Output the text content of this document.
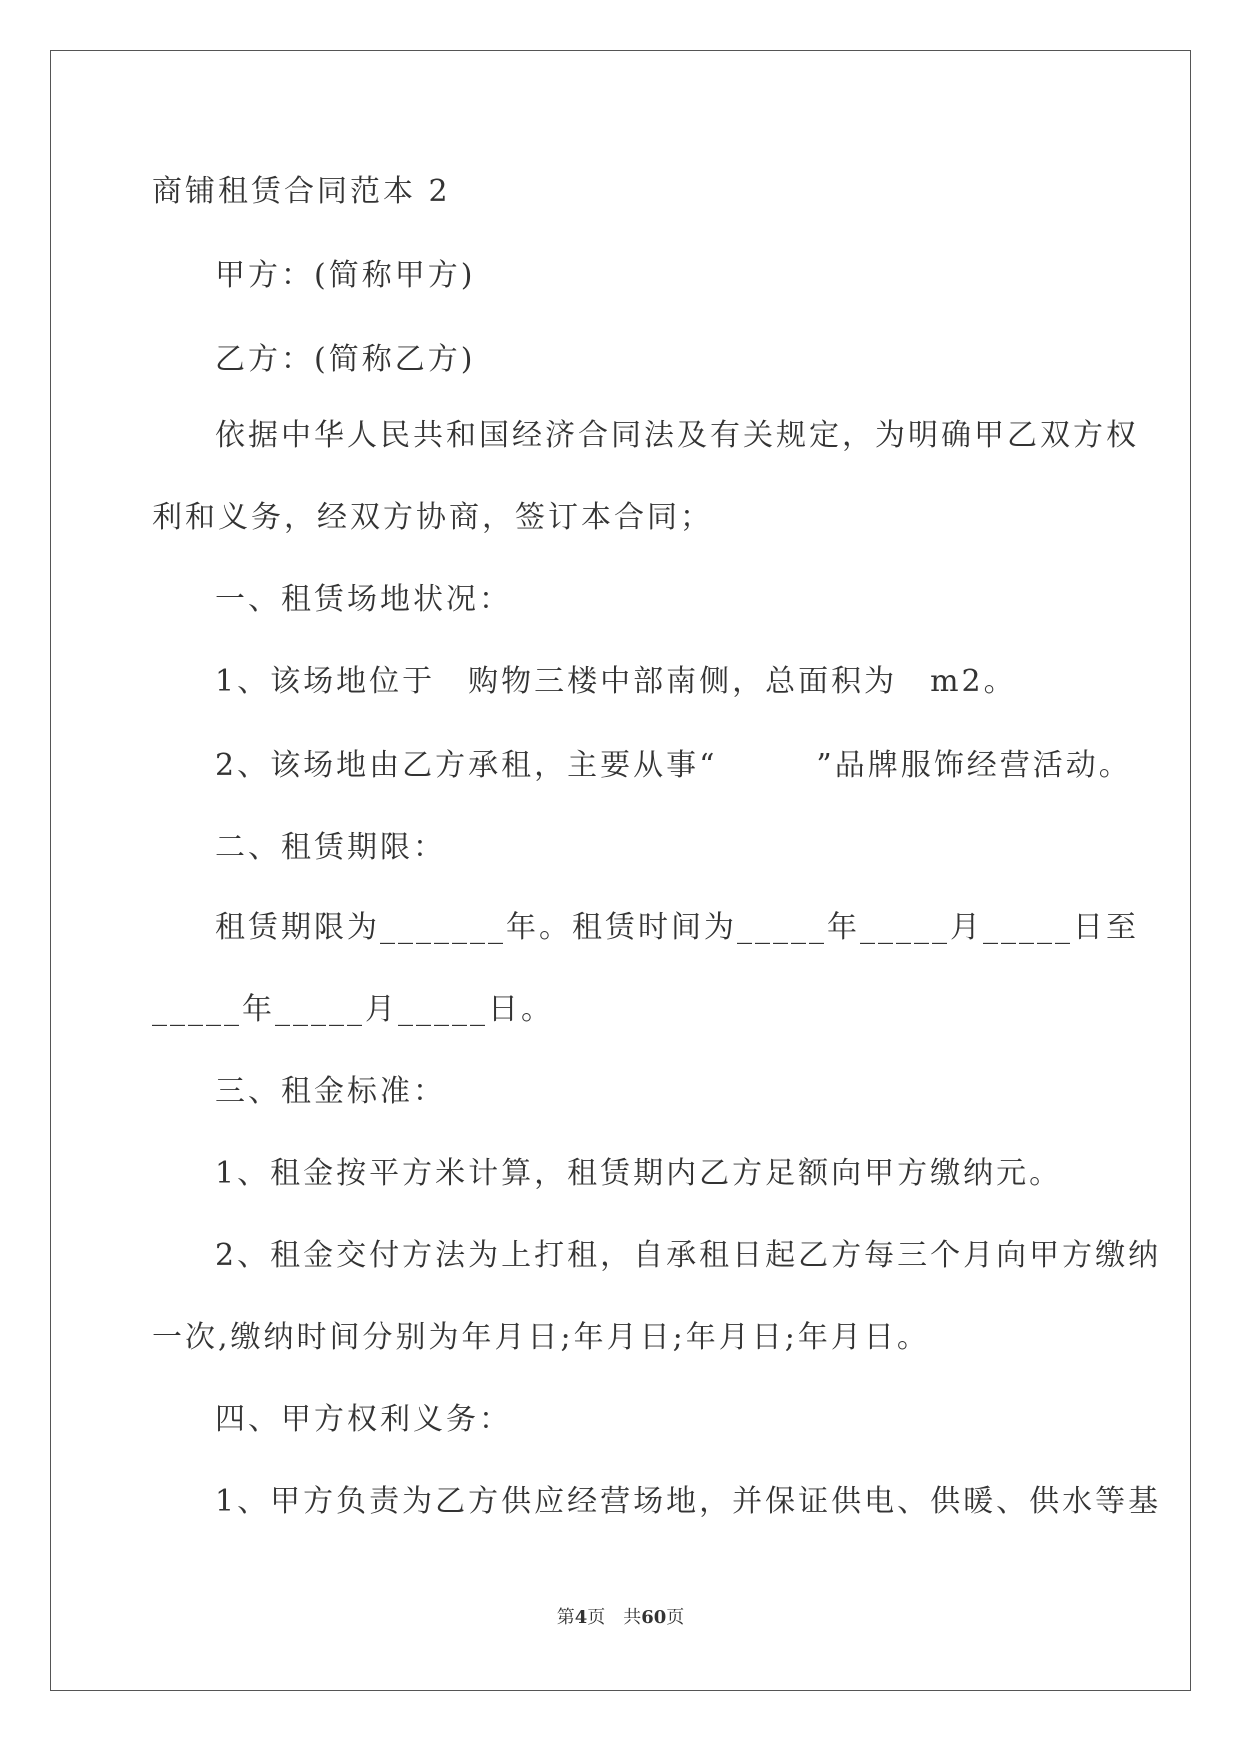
商铺租赁合同范本 2
甲方：(简称甲方)
乙方：(简称乙方)
依据中华人民共和国经济合同法及有关规定，为明确甲乙双方权
利和义务，经双方协商，签订本合同；
一、租赁场地状况：
1、该场地位于　购物三楼中部南侧，总面积为　m2。
2、该场地由乙方承租，主要从事“　　　”品牌服饰经营活动。
二、租赁期限：
租赁期限为_______年。租赁时间为_____年_____月_____日至
_____年_____月_____日。
三、租金标准：
1、租金按平方米计算，租赁期内乙方足额向甲方缴纳元。
2、租金交付方法为上打租，自承租日起乙方每三个月向甲方缴纳
一次,缴纳时间分别为年月日;年月日;年月日;年月日。
四、甲方权利义务：
1、甲方负责为乙方供应经营场地，并保证供电、供暖、供水等基
第4页　共60页
